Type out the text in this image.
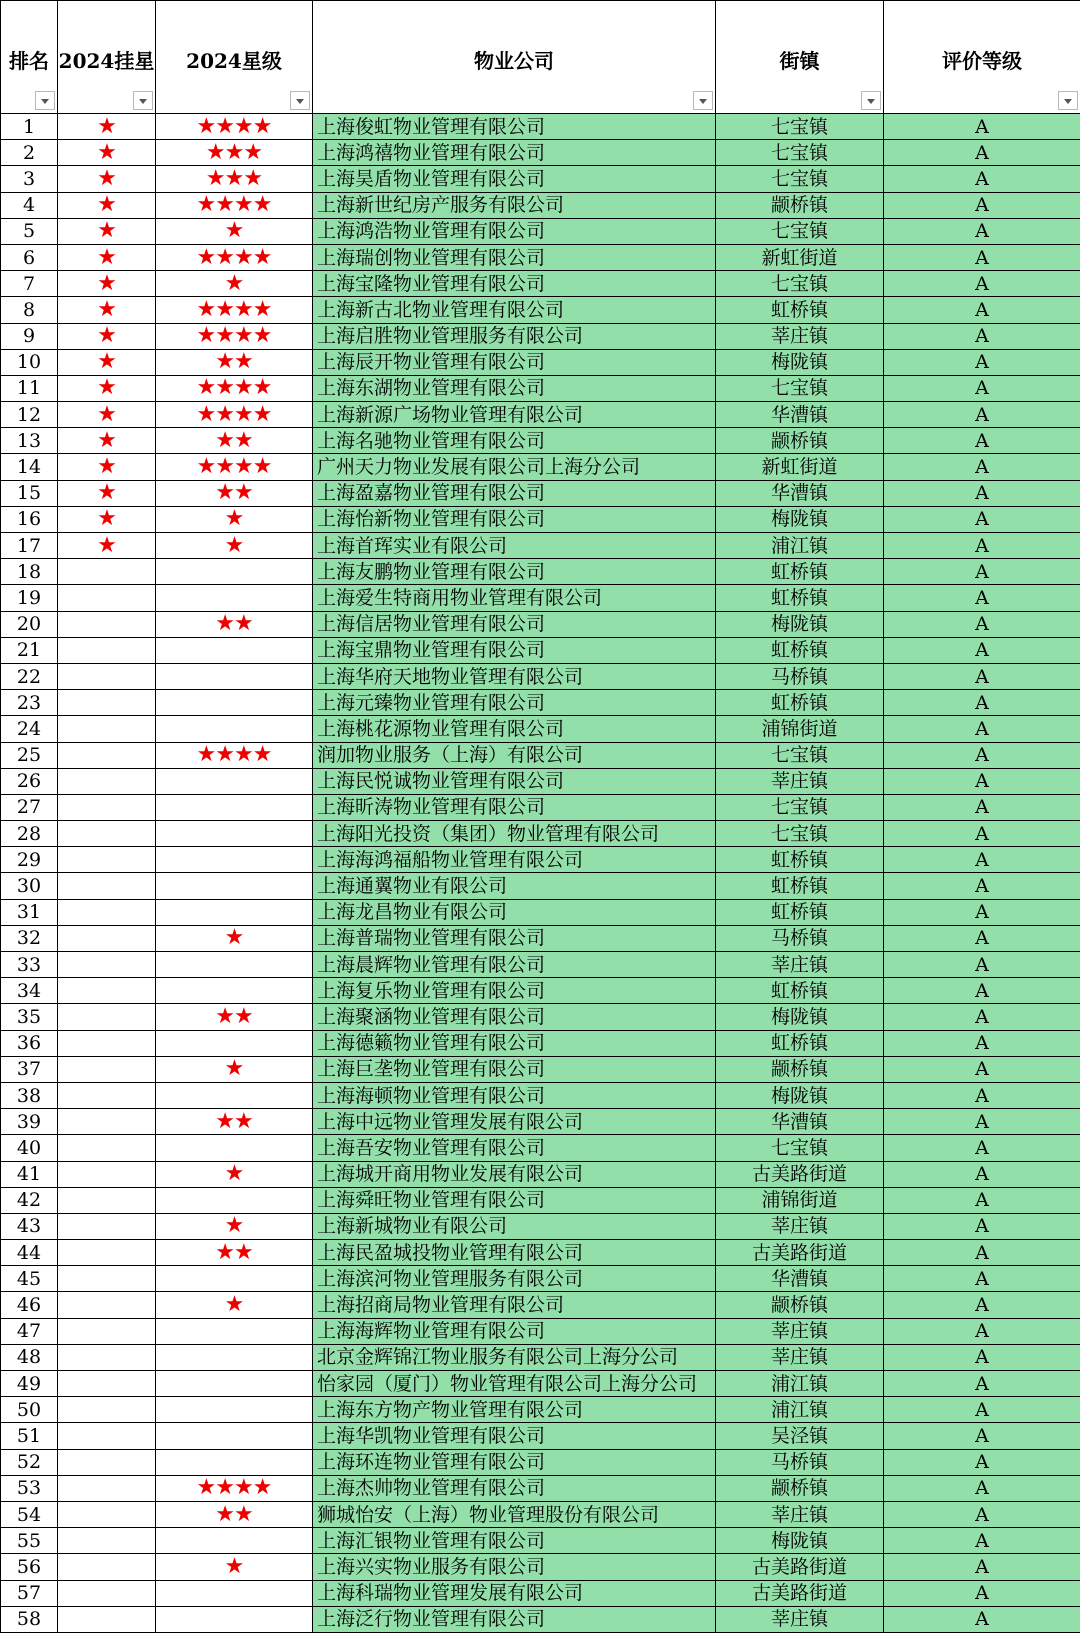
排名	2024挂星	2024星级	物业公司	街镇	评价等级

1	★	★★★★	上海俊虹物业管理有限公司	七宝镇	A
2	★	★★★	上海鸿禧物业管理有限公司	七宝镇	A
3	★	★★★	上海昊盾物业管理有限公司	七宝镇	A
4	★	★★★★	上海新世纪房产服务有限公司	颛桥镇	A
5	★	★	上海鸿浩物业管理有限公司	七宝镇	A
6	★	★★★★	上海瑞创物业管理有限公司	新虹街道	A
7	★	★	上海宝隆物业管理有限公司	七宝镇	A
8	★	★★★★	上海新古北物业管理有限公司	虹桥镇	A
9	★	★★★★	上海启胜物业管理服务有限公司	莘庄镇	A
10	★	★★	上海辰开物业管理有限公司	梅陇镇	A
11	★	★★★★	上海东湖物业管理有限公司	七宝镇	A
12	★	★★★★	上海新源广场物业管理有限公司	华漕镇	A
13	★	★★	上海名驰物业管理有限公司	颛桥镇	A
14	★	★★★★	广州天力物业发展有限公司上海分公司	新虹街道	A
15	★	★★	上海盈嘉物业管理有限公司	华漕镇	A
16	★	★	上海怡新物业管理有限公司	梅陇镇	A
17	★	★	上海首珲实业有限公司	浦江镇	A
18			上海友鹏物业管理有限公司	虹桥镇	A
19			上海爱生特商用物业管理有限公司	虹桥镇	A
20		★★	上海信居物业管理有限公司	梅陇镇	A
21			上海宝鼎物业管理有限公司	虹桥镇	A
22			上海华府天地物业管理有限公司	马桥镇	A
23			上海元臻物业管理有限公司	虹桥镇	A
24			上海桃花源物业管理有限公司	浦锦街道	A
25		★★★★	润加物业服务（上海）有限公司	七宝镇	A
26			上海民悦诚物业管理有限公司	莘庄镇	A
27			上海昕涛物业管理有限公司	七宝镇	A
28			上海阳光投资（集团）物业管理有限公司	七宝镇	A
29			上海海鸿福船物业管理有限公司	虹桥镇	A
30			上海通翼物业有限公司	虹桥镇	A
31			上海龙昌物业有限公司	虹桥镇	A
32		★	上海普瑞物业管理有限公司	马桥镇	A
33			上海晨辉物业管理有限公司	莘庄镇	A
34			上海复乐物业管理有限公司	虹桥镇	A
35		★★	上海聚涵物业管理有限公司	梅陇镇	A
36			上海德籁物业管理有限公司	虹桥镇	A
37		★	上海巨垄物业管理有限公司	颛桥镇	A
38			上海海顿物业管理有限公司	梅陇镇	A
39		★★	上海中远物业管理发展有限公司	华漕镇	A
40			上海吾安物业管理有限公司	七宝镇	A
41		★	上海城开商用物业发展有限公司	古美路街道	A
42			上海舜旺物业管理有限公司	浦锦街道	A
43		★	上海新城物业有限公司	莘庄镇	A
44		★★	上海民盈城投物业管理有限公司	古美路街道	A
45			上海滨河物业管理服务有限公司	华漕镇	A
46		★	上海招商局物业管理有限公司	颛桥镇	A
47			上海海辉物业管理有限公司	莘庄镇	A
48			北京金辉锦江物业服务有限公司上海分公司	莘庄镇	A
49			怡家园（厦门）物业管理有限公司上海分公司	浦江镇	A
50			上海东方物产物业管理有限公司	浦江镇	A
51			上海华凯物业管理有限公司	吴泾镇	A
52			上海环连物业管理有限公司	马桥镇	A
53		★★★★	上海杰帅物业管理有限公司	颛桥镇	A
54		★★	狮城怡安（上海）物业管理股份有限公司	莘庄镇	A
55			上海汇银物业管理有限公司	梅陇镇	A
56		★	上海兴实物业服务有限公司	古美路街道	A
57			上海科瑞物业管理发展有限公司	古美路街道	A
58			上海泛行物业管理有限公司	莘庄镇	A
